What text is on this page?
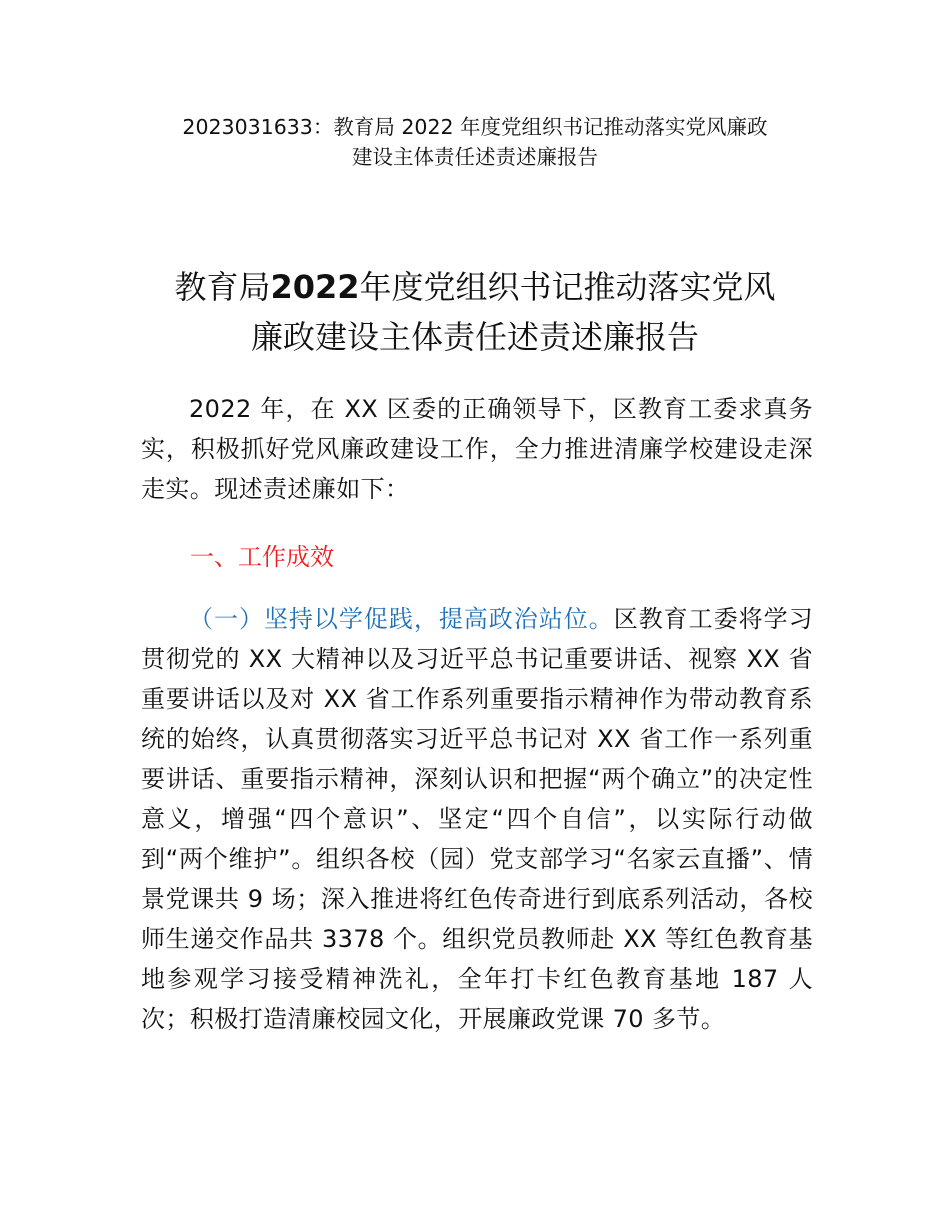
2023031633：教育局 2022 年度党组织书记推动落实党风廉政
建设主体责任述责述廉报告
教育局2022年度党组织书记推动落实党风
廉政建设主体责任述责述廉报告

2022 年，在 XX 区委的正确领导下，区教育工委求真务实，积极抓好党风廉政建设工作，全力推进清廉学校建设走深走实。现述责述廉如下：

一、工作成效

（一）坚持以学促践，提高政治站位。区教育工委将学习贯彻党的 XX 大精神以及习近平总书记重要讲话、视察 XX 省重要讲话以及对 XX 省工作系列重要指示精神作为带动教育系统的始终，认真贯彻落实习近平总书记对 XX 省工作一系列重要讲话、重要指示精神，深刻认识和把握“两个确立”的决定性意义，增强“四个意识”、坚定“四个自信”，以实际行动做到“两个维护”。组织各校（园）党支部学习“名家云直播”、情景党课共 9 场；深入推进将红色传奇进行到底系列活动，各校师生递交作品共 3378 个。组织党员教师赴 XX 等红色教育基地参观学习接受精神洗礼，全年打卡红色教育基地 187 人次；积极打造清廉校园文化，开展廉政党课 70 多节。
